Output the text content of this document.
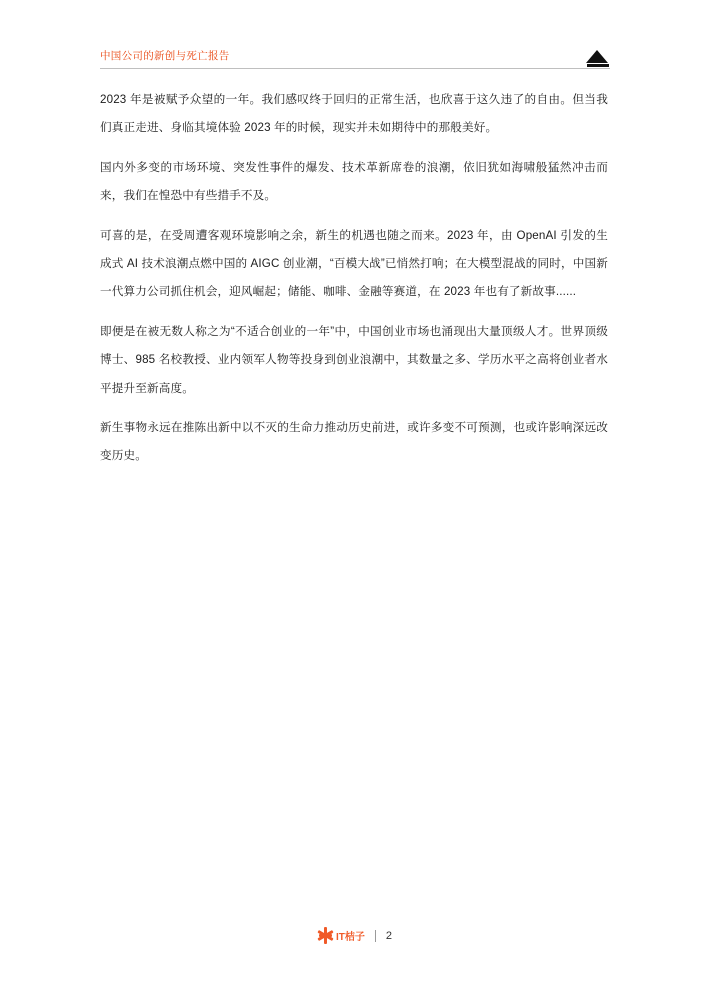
中国公司的新创与死亡报告

2023 年是被赋予众望的一年。我们感叹终于回归的正常生活，也欣喜于这久违了的自由。但当我们真正走进、身临其境体验 2023 年的时候，现实并未如期待中的那般美好。

国内外多变的市场环境、突发性事件的爆发、技术革新席卷的浪潮，依旧犹如海啸般猛然冲击而来，我们在惶恐中有些措手不及。

可喜的是，在受周遭客观环境影响之余，新生的机遇也随之而来。2023 年，由 OpenAI 引发的生成式 AI 技术浪潮点燃中国的 AIGC 创业潮，“百模大战”已悄然打响；在大模型混战的同时，中国新一代算力公司抓住机会，迎风崛起；储能、咖啡、金融等赛道，在 2023 年也有了新故事......

即便是在被无数人称之为“不适合创业的一年”中，中国创业市场也涌现出大量顶级人才。世界顶级博士、985 名校教授、业内领军人物等投身到创业浪潮中，其数量之多、学历水平之高将创业者水平提升至新高度。

新生事物永远在推陈出新中以不灭的生命力推动历史前进，或许多变不可预测，也或许影响深远改变历史。

IT桔子 2
